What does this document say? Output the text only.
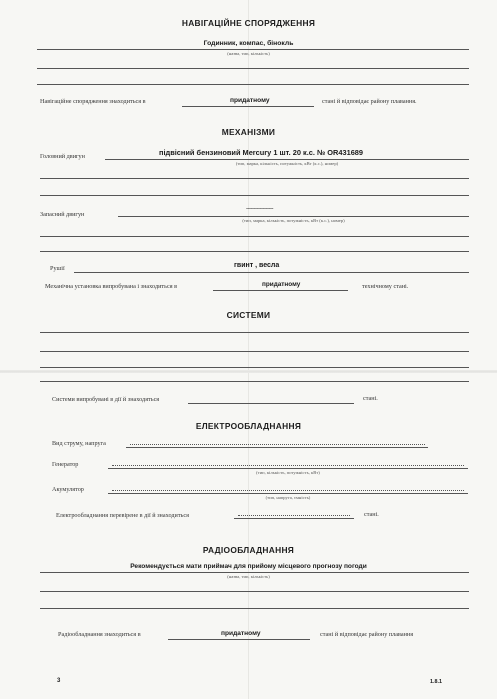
НАВІГАЦІЙНЕ СПОРЯДЖЕННЯ
Годинник, компас, бінокль
(назва, тип, кількість)
Навігаційне спорядження знаходиться в	придатному	стані й відповідає району плавання.
МЕХАНІЗМИ
Головний двигун	підвісний бензиновий Mercury 1 шт. 20 к.с. № OR431689
(тип, марка, кількість, потужність, кВт (к.с.), номер)
Запасний двигун
------------------
(тип, марка, кількість, потужність, кВт (к.с.), номер)
Рушії	гвинт , весла
Механічна установка випробувана і знаходиться в	придатному	технічному стані.
СИСТЕМИ
Системи випробувані в дії й знаходяться	стані.
ЕЛЕКТРООБЛАДНАННЯ
Вид струму, напруга
Генератор
(тип, кількість, потужність, кВт)
Акумулятор
(тип, напруга, ємність)
Електрообладнання перевірене в дії й знаходиться	стані.
РАДІООБЛАДНАННЯ
Рекомендується мати приймач для прийому місцевого прогнозу погоди
(назва, тип, кількість)
Радіообладнання знаходиться в	придатному	стані й відповідає району плавання
3	1.8.1
